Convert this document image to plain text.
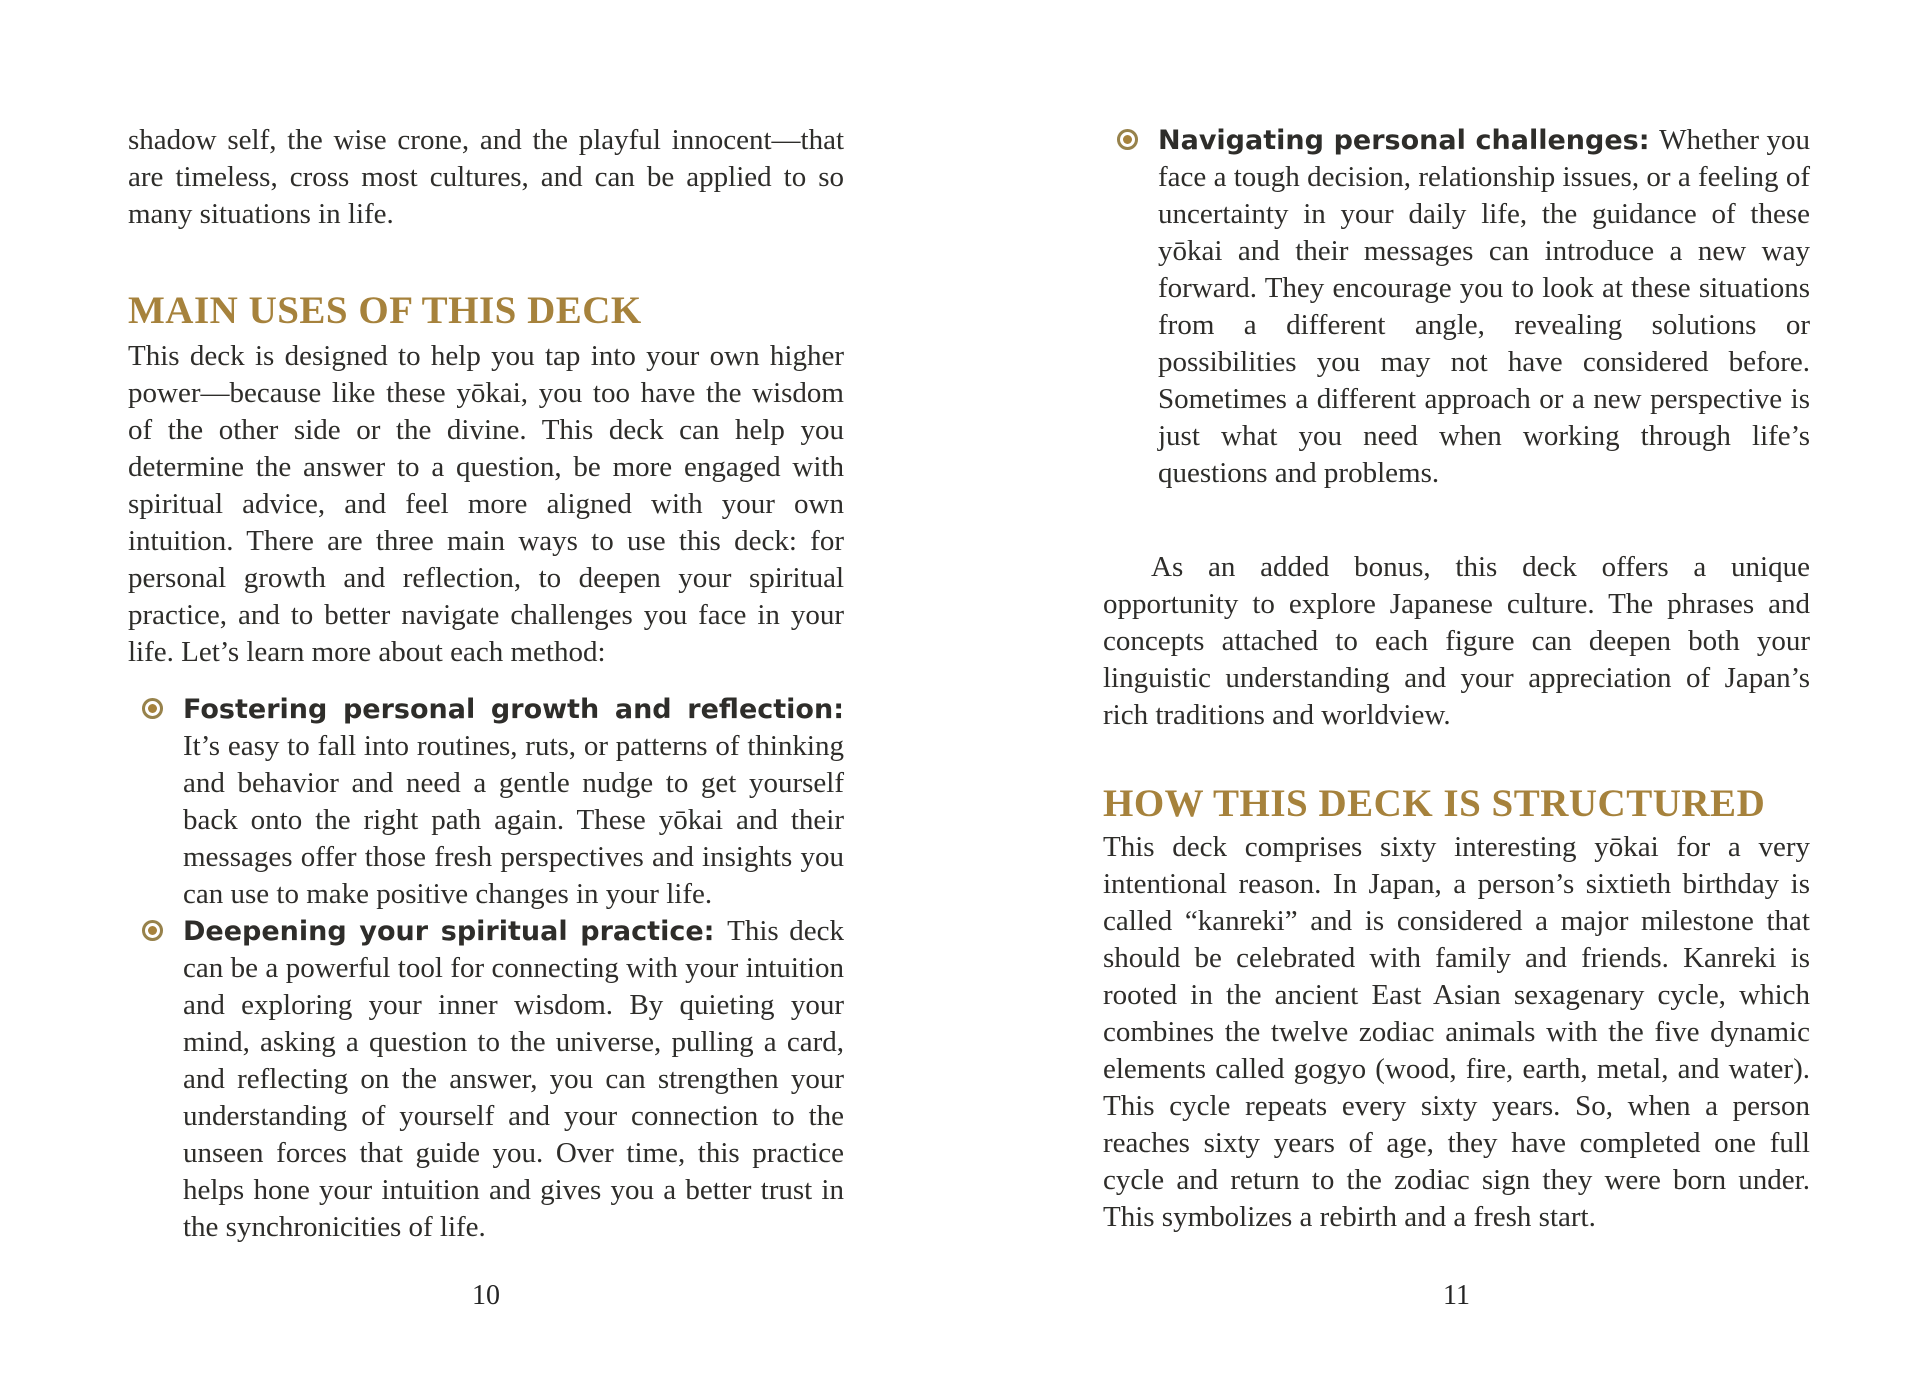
shadow self, the wise crone, and the playful innocent—that are timeless, cross most cultures, and can be applied to so many situations in life.

MAIN USES OF THIS DECK

This deck is designed to help you tap into your own higher power—because like these yōkai, you too have the wisdom of the other side or the divine. This deck can help you determine the answer to a question, be more engaged with spiritual advice, and feel more aligned with your own intuition. There are three main ways to use this deck: for personal growth and reflection, to deepen your spiritual practice, and to better navigate challenges you face in your life. Let’s learn more about each method:

Fostering personal growth and reflection: It’s easy to fall into routines, ruts, or patterns of thinking and behavior and need a gentle nudge to get yourself back onto the right path again. These yōkai and their messages offer those fresh perspectives and insights you can use to make positive changes in your life.
Deepening your spiritual practice: This deck can be a powerful tool for connecting with your intuition and exploring your inner wisdom. By quieting your mind, asking a question to the universe, pulling a card, and reflecting on the answer, you can strengthen your understanding of yourself and your connection to the unseen forces that guide you. Over time, this practice helps hone your intuition and gives you a better trust in the synchronicities of life.
10
Navigating personal challenges: Whether you face a tough decision, relationship issues, or a feeling of uncertainty in your daily life, the guidance of these yōkai and their messages can introduce a new way forward. They encourage you to look at these situations from a different angle, revealing solutions or possibilities you may not have considered before. Sometimes a different approach or a new perspective is just what you need when working through life’s questions and problems.

As an added bonus, this deck offers a unique opportunity to explore Japanese culture. The phrases and concepts attached to each figure can deepen both your linguistic understanding and your appreciation of Japan’s rich traditions and worldview.

HOW THIS DECK IS STRUCTURED

This deck comprises sixty interesting yōkai for a very intentional reason. In Japan, a person’s sixtieth birthday is called “kanreki” and is considered a major milestone that should be celebrated with family and friends. Kanreki is rooted in the ancient East Asian sexagenary cycle, which combines the twelve zodiac animals with the five dynamic elements called gogyo (wood, fire, earth, metal, and water). This cycle repeats every sixty years. So, when a person reaches sixty years of age, they have completed one full cycle and return to the zodiac sign they were born under. This symbolizes a rebirth and a fresh start.

11
